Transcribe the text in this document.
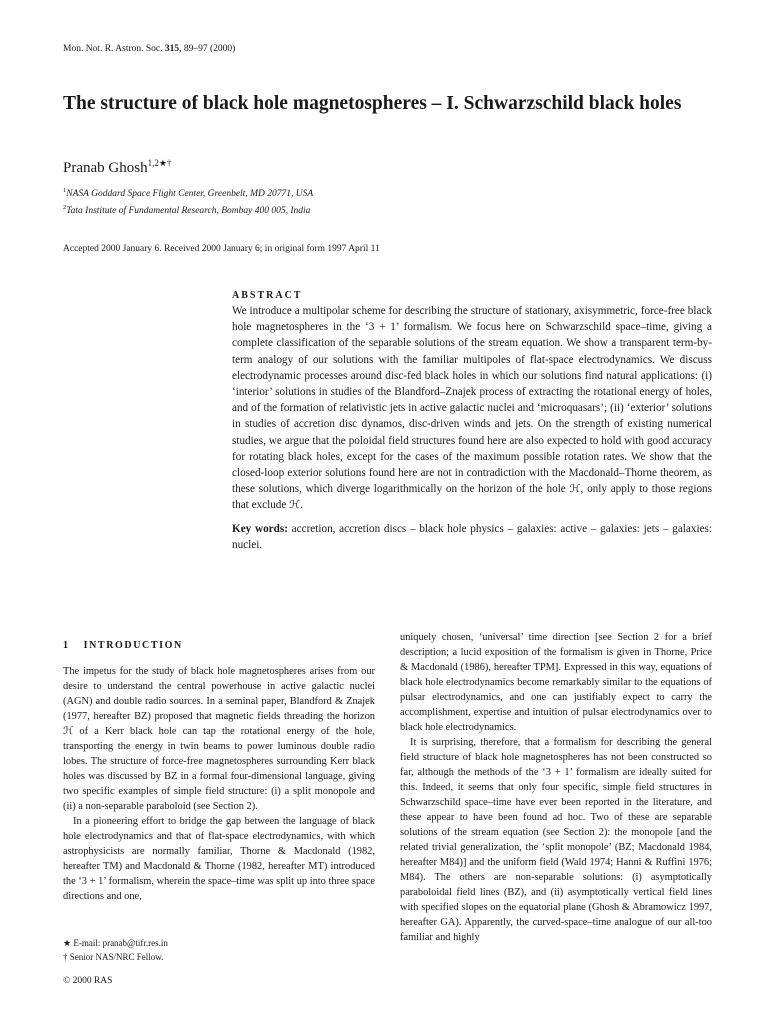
Mon. Not. R. Astron. Soc. 315, 89–97 (2000)
The structure of black hole magnetospheres – I. Schwarzschild black holes
Pranab Ghosh$^{1,2★\dagger}$
$^1$NASA Goddard Space Flight Center, Greenbelt, MD 20771, USA
$^2$Tata Institute of Fundamental Research, Bombay 400 005, India
Accepted 2000 January 6. Received 2000 January 6; in original form 1997 April 11
ABSTRACT

We introduce a multipolar scheme for describing the structure of stationary, axisymmetric, force-free black hole magnetospheres in the ‘3 + 1’ formalism. We focus here on Schwarzschild space–time, giving a complete classification of the separable solutions of the stream equation. We show a transparent term-by-term analogy of our solutions with the familiar multipoles of flat-space electrodynamics. We discuss electrodynamic processes around disc-fed black holes in which our solutions find natural applications: (i) ‘interior’ solutions in studies of the Blandford–Znajek process of extracting the rotational energy of holes, and of the formation of relativistic jets in active galactic nuclei and ‘microquasars’; (ii) ‘exterior’ solutions in studies of accretion disc dynamos, disc-driven winds and jets. On the strength of existing numerical studies, we argue that the poloidal field structures found here are also expected to hold with good accuracy for rotating black holes, except for the cases of the maximum possible rotation rates. We show that the closed-loop exterior solutions found here are not in contradiction with the Macdonald–Thorne theorem, as these solutions, which diverge logarithmically on the horizon of the hole ℋ, only apply to those regions that exclude ℋ.

Key words: accretion, accretion discs – black hole physics – galaxies: active – galaxies: jets – galaxies: nuclei.

1 INTRODUCTION

The impetus for the study of black hole magnetospheres arises from our desire to understand the central powerhouse in active galactic nuclei (AGN) and double radio sources. In a seminal paper, Blandford & Znajek (1977, hereafter BZ) proposed that magnetic fields threading the horizon ℋ of a Kerr black hole can tap the rotational energy of the hole, transporting the energy in twin beams to power luminous double radio lobes. The structure of force-free magnetospheres surrounding Kerr black holes was discussed by BZ in a formal four-dimensional language, giving two specific examples of simple field structure: (i) a split monopole and (ii) a non-separable paraboloid (see Section 2).

In a pioneering effort to bridge the gap between the language of black hole electrodynamics and that of flat-space electrodynamics, with which astrophysicists are normally familiar, Thorne & Macdonald (1982, hereafter TM) and Macdonald & Thorne (1982, hereafter MT) introduced the ‘3 + 1’ formalism, wherein the space–time was split up into three space directions and one,

uniquely chosen, ‘universal’ time direction [see Section 2 for a brief description; a lucid exposition of the formalism is given in Thorne, Price & Macdonald (1986), hereafter TPM]. Expressed in this way, equations of black hole electrodynamics become remarkably similar to the equations of pulsar electrodynamics, and one can justifiably expect to carry the accomplishment, expertise and intuition of pulsar electrodynamics over to black hole electrodynamics.

It is surprising, therefore, that a formalism for describing the general field structure of black hole magnetospheres has not been constructed so far, although the methods of the ‘3 + 1’ formalism are ideally suited for this. Indeed, it seems that only four specific, simple field structures in Schwarzschild space–time have ever been reported in the literature, and these appear to have been found ad hoc. Two of these are separable solutions of the stream equation (see Section 2): the monopole [and the related trivial generalization, the ‘split monopole’ (BZ; Macdonald 1984, hereafter M84)] and the uniform field (Wald 1974; Hanni & Ruffini 1976; M84). The others are non-separable solutions: (i) asymptotically paraboloidal field lines (BZ), and (ii) asymptotically vertical field lines with specified slopes on the equatorial plane (Ghosh & Abramowicz 1997, hereafter GA). Apparently, the curved-space–time analogue of our all-too familiar and highly

★ E-mail: pranab@tifr.res.in
† Senior NAS/NRC Fellow.
© 2000 RAS
